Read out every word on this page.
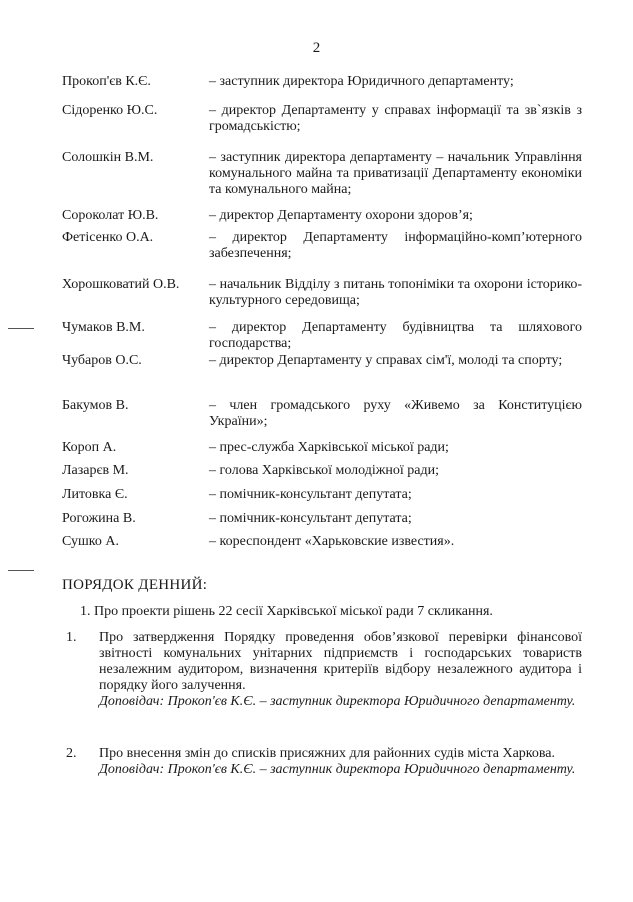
2
Прокоп'єв К.Є.	– заступник директора Юридичного департаменту;
Сідоренко Ю.С.	– директор Департаменту у справах інформації та зв`язків з громадськістю;
Солошкін В.М.	– заступник директора департаменту – начальник Управління комунального майна та приватизації Департаменту економіки та комунального майна;
Сороколат Ю.В.	– директор Департаменту охорони здоров’я;
Фетісенко О.А.	– директор Департаменту інформаційно-комп’ютерного забезпечення;
Хорошковатий О.В.	– начальник Відділу з питань топоніміки та охорони історико-культурного середовища;
Чумаков В.М.	– директор Департаменту будівництва та шляхового господарства;
Чубаров О.С.	– директор Департаменту у справах сім'ї, молоді та спорту;
Бакумов В.	– член громадського руху «Живемо за Конституцією України»;
Короп А.	– прес-служба Харківської міської ради;
Лазарєв М.	– голова Харківської молодіжної ради;
Литовка Є.	– помічник-консультант депутата;
Рогожина В.	– помічник-консультант депутата;
Сушко А.	– кореспондент «Харьковские известия».
ПОРЯДОК ДЕННИЙ:
1. Про проекти рішень 22 сесії Харківської міської ради 7 скликання.
1. Про затвердження Порядку проведення обов’язкової перевірки фінансової звітності комунальних унітарних підприємств і господарських товариств незалежним аудитором, визначення критеріїв відбору незалежного аудитора і порядку його залучення.
Доповідач: Прокоп'єв К.Є. – заступник директора Юридичного департаменту.
2. Про внесення змін до списків присяжних для районних судів міста Харкова.
Доповідач: Прокоп'єв К.Є. – заступник директора Юридичного департаменту.
